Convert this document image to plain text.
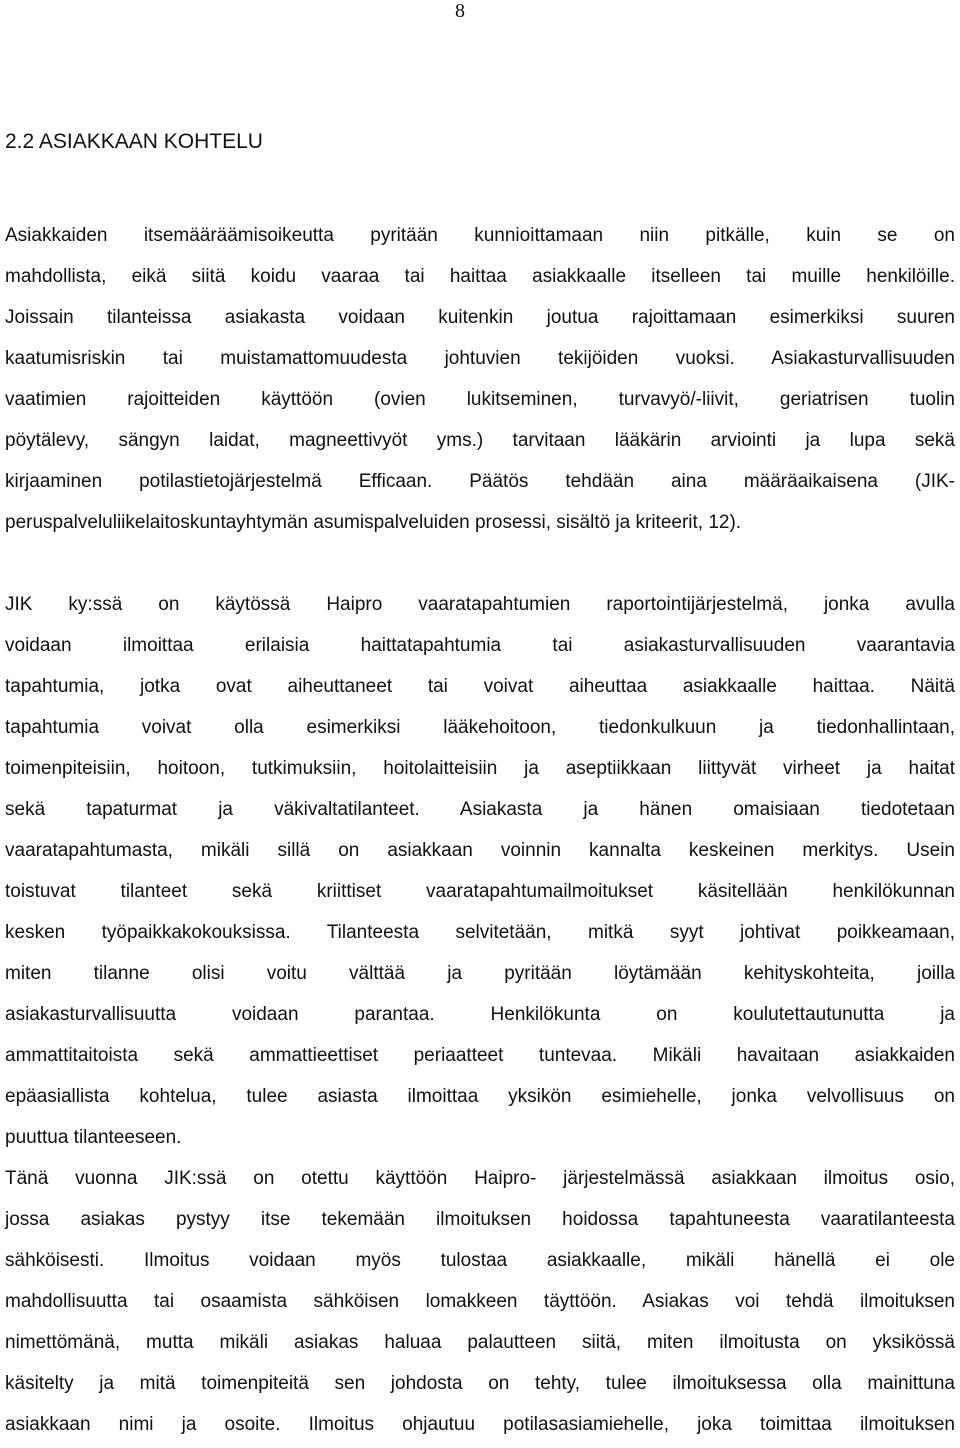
8
2.2 ASIAKKAAN KOHTELU
Asiakkaiden itsemääräämisoikeutta pyritään kunnioittamaan niin pitkälle, kuin se on
mahdollista, eikä siitä koidu vaaraa tai haittaa asiakkaalle itselleen tai muille henkilöille.
Joissain tilanteissa asiakasta voidaan kuitenkin joutua rajoittamaan esimerkiksi suuren
kaatumisriskin tai muistamattomuudesta johtuvien tekijöiden vuoksi. Asiakasturvallisuuden
vaatimien rajoitteiden käyttöön (ovien lukitseminen, turvavyö/-liivit, geriatrisen tuolin
pöytälevy, sängyn laidat, magneettivyöt yms.) tarvitaan lääkärin arviointi ja lupa sekä
kirjaaminen potilastietojärjestelmä Efficaan. Päätös tehdään aina määräaikaisena (JIK-
peruspalveluliikelaitoskuntayhtymän asumispalveluiden prosessi, sisältö ja kriteerit, 12).
JIK ky:ssä on käytössä Haipro vaaratapahtumien raportointijärjestelmä, jonka avulla
voidaan ilmoittaa erilaisia haittatapahtumia tai asiakasturvallisuuden vaarantavia
tapahtumia, jotka ovat aiheuttaneet tai voivat aiheuttaa asiakkaalle haittaa. Näitä
tapahtumia voivat olla esimerkiksi lääkehoitoon, tiedonkulkuun ja tiedonhallintaan,
toimenpiteisiin, hoitoon, tutkimuksiin, hoitolaitteisiin ja aseptiikkaan liittyvät virheet ja haitat
sekä tapaturmat ja väkivaltatilanteet. Asiakasta ja hänen omaisiaan tiedotetaan
vaaratapahtumasta, mikäli sillä on asiakkaan voinnin kannalta keskeinen merkitys. Usein
toistuvat tilanteet sekä kriittiset vaaratapahtumailmoitukset käsitellään henkilökunnan
kesken työpaikkakokouksissa. Tilanteesta selvitetään, mitkä syyt johtivat poikkeamaan,
miten tilanne olisi voitu välttää ja pyritään löytämään kehityskohteita, joilla
asiakasturvallisuutta voidaan parantaa. Henkilökunta on koulutettautunutta ja
ammattitaitoista sekä ammattieettiset periaatteet tuntevaa. Mikäli havaitaan asiakkaiden
epäasiallista kohtelua, tulee asiasta ilmoittaa yksikön esimiehelle, jonka velvollisuus on
puuttua tilanteeseen.
Tänä vuonna JIK:ssä on otettu käyttöön Haipro- järjestelmässä asiakkaan ilmoitus osio,
jossa asiakas pystyy itse tekemään ilmoituksen hoidossa tapahtuneesta vaaratilanteesta
sähköisesti. Ilmoitus voidaan myös tulostaa asiakkaalle, mikäli hänellä ei ole
mahdollisuutta tai osaamista sähköisen lomakkeen täyttöön. Asiakas voi tehdä ilmoituksen
nimettömänä, mutta mikäli asiakas haluaa palautteen siitä, miten ilmoitusta on yksikössä
käsitelty ja mitä toimenpiteitä sen johdosta on tehty, tulee ilmoituksessa olla mainittuna
asiakkaan nimi ja osoite. Ilmoitus ohjautuu potilasasiamiehelle, joka toimittaa ilmoituksen
